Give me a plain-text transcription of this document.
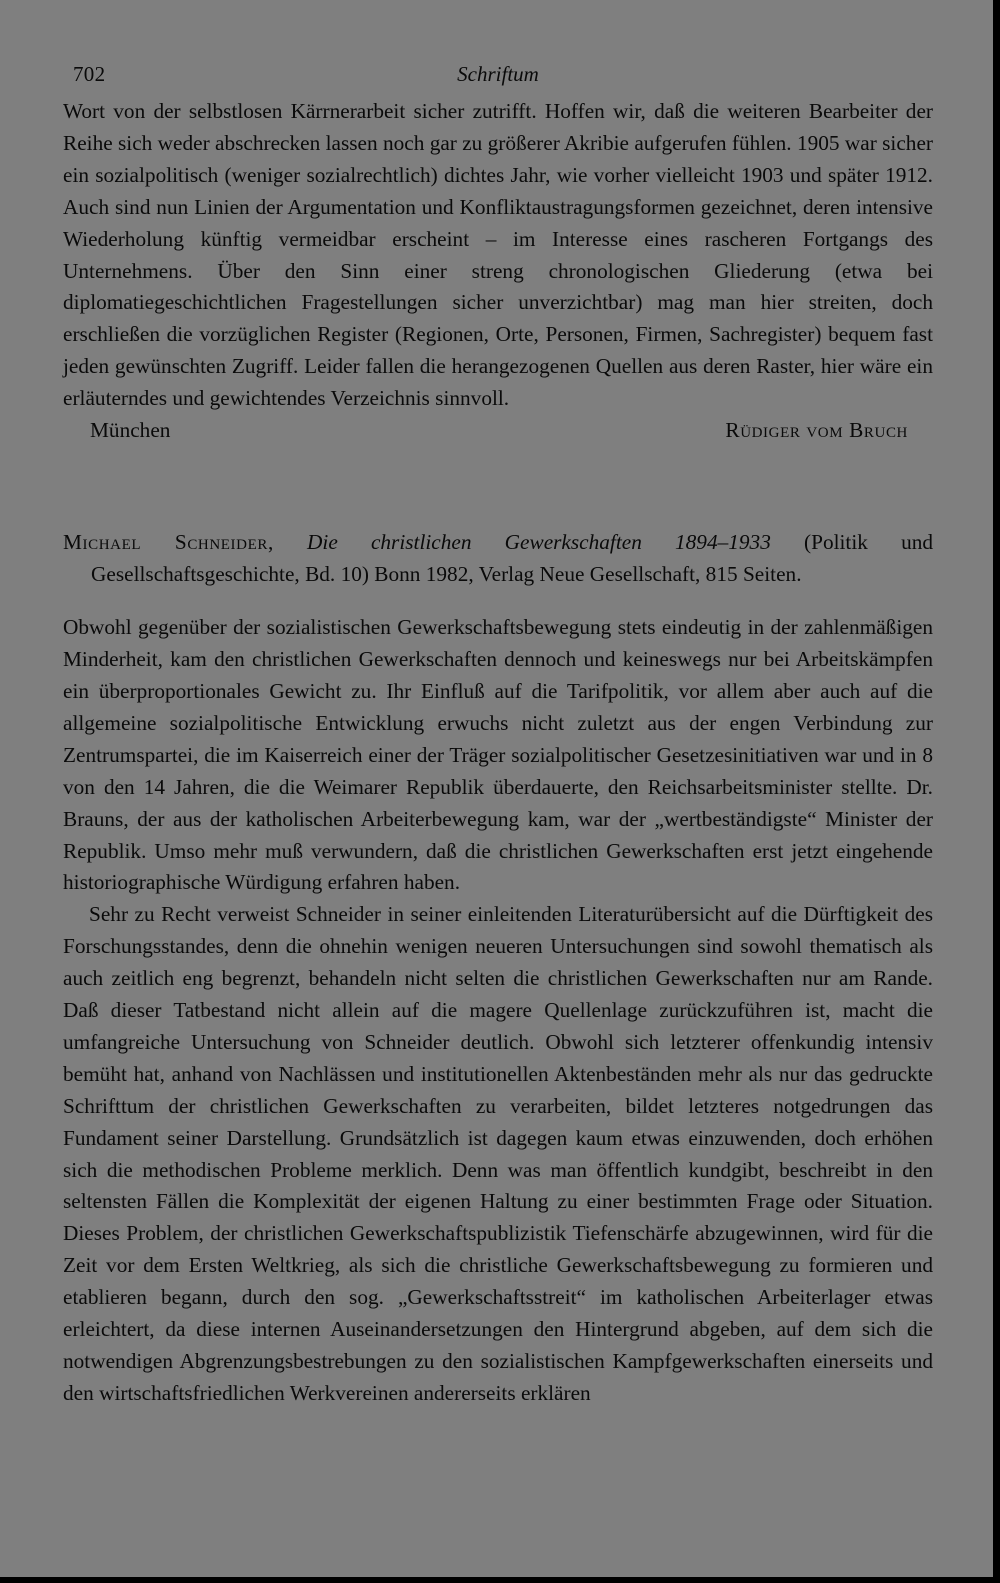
702	Schriftum

Wort von der selbstlosen Kärrnerarbeit sicher zutrifft. Hoffen wir, daß die weiteren Bearbeiter der Reihe sich weder abschrecken lassen noch gar zu größerer Akribie aufgerufen fühlen. 1905 war sicher ein sozialpolitisch (weniger sozialrechtlich) dichtes Jahr, wie vorher vielleicht 1903 und später 1912. Auch sind nun Linien der Argumentation und Konfliktaustragungsformen gezeichnet, deren intensive Wiederholung künftig vermeidbar erscheint – im Interesse eines rascheren Fortgangs des Unternehmens. Über den Sinn einer streng chronologischen Gliederung (etwa bei diplomatiegeschichtlichen Fragestellungen sicher unverzichtbar) mag man hier streiten, doch erschließen die vorzüglichen Register (Regionen, Orte, Personen, Firmen, Sachregister) bequem fast jeden gewünschten Zugriff. Leider fallen die herangezogenen Quellen aus deren Raster, hier wäre ein erläuterndes und gewichtendes Verzeichnis sinnvoll.

München	Rüdiger vom Bruch

Michael Schneider, Die christlichen Gewerkschaften 1894–1933 (Politik und Gesellschaftsgeschichte, Bd. 10) Bonn 1982, Verlag Neue Gesellschaft, 815 Seiten.

Obwohl gegenüber der sozialistischen Gewerkschaftsbewegung stets eindeutig in der zahlenmäßigen Minderheit, kam den christlichen Gewerkschaften dennoch und keineswegs nur bei Arbeitskämpfen ein überproportionales Gewicht zu. Ihr Einfluß auf die Tarifpolitik, vor allem aber auch auf die allgemeine sozialpolitische Entwicklung erwuchs nicht zuletzt aus der engen Verbindung zur Zentrumspartei, die im Kaiserreich einer der Träger sozialpolitischer Gesetzesinitiativen war und in 8 von den 14 Jahren, die die Weimarer Republik überdauerte, den Reichsarbeitsminister stellte. Dr. Brauns, der aus der katholischen Arbeiterbewegung kam, war der „wertbeständigste“ Minister der Republik. Umso mehr muß verwundern, daß die christlichen Gewerkschaften erst jetzt eingehende historiographische Würdigung erfahren haben.

Sehr zu Recht verweist Schneider in seiner einleitenden Literaturübersicht auf die Dürftigkeit des Forschungsstandes, denn die ohnehin wenigen neueren Untersuchungen sind sowohl thematisch als auch zeitlich eng begrenzt, behandeln nicht selten die christlichen Gewerkschaften nur am Rande. Daß dieser Tatbestand nicht allein auf die magere Quellenlage zurückzuführen ist, macht die umfangreiche Untersuchung von Schneider deutlich. Obwohl sich letzterer offenkundig intensiv bemüht hat, anhand von Nachlässen und institutionellen Aktenbeständen mehr als nur das gedruckte Schrifttum der christlichen Gewerkschaften zu verarbeiten, bildet letzteres notgedrungen das Fundament seiner Darstellung. Grundsätzlich ist dagegen kaum etwas einzuwenden, doch erhöhen sich die methodischen Probleme merklich. Denn was man öffentlich kundgibt, beschreibt in den seltensten Fällen die Komplexität der eigenen Haltung zu einer bestimmten Frage oder Situation. Dieses Problem, der christlichen Gewerkschaftspublizistik Tiefenschärfe abzugewinnen, wird für die Zeit vor dem Ersten Weltkrieg, als sich die christliche Gewerkschaftsbewegung zu formieren und etablieren begann, durch den sog. „Gewerkschaftsstreit“ im katholischen Arbeiterlager etwas erleichtert, da diese internen Auseinandersetzungen den Hintergrund abgeben, auf dem sich die notwendigen Abgrenzungsbestrebungen zu den sozialistischen Kampfgewerkschaften einerseits und den wirtschaftsfriedlichen Werkvereinen andererseits erklären
